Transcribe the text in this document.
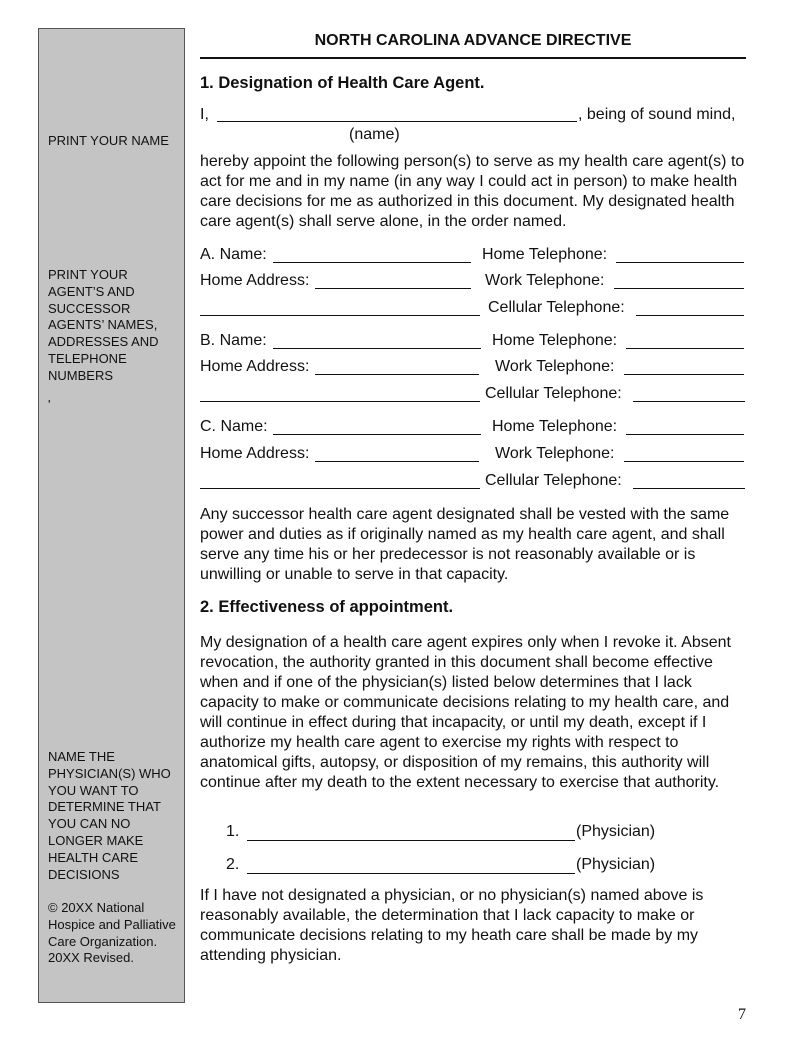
PRINT YOUR NAME
PRINT YOUR AGENT’S AND SUCCESSOR AGENTS’ NAMES, ADDRESSES AND TELEPHONE NUMBERS
'
NAME THE PHYSICIAN(S) WHO YOU WANT TO DETERMINE THAT YOU CAN NO LONGER MAKE HEALTH CARE DECISIONS
© 20XX National Hospice and Palliative Care Organization. 20XX Revised.
NORTH CAROLINA ADVANCE DIRECTIVE
1. Designation of Health Care Agent.
I,	, being of sound mind,
(name)

hereby appoint the following person(s) to serve as my health care agent(s) to act for me and in my name (in any way I could act in person) to make health care decisions for me as authorized in this document. My designated health care agent(s) shall serve alone, in the order named.

A. Name:	Home Telephone:
Home Address:	Work Telephone:
Cellular Telephone:
B. Name:	Home Telephone:
Home Address:	Work Telephone:
Cellular Telephone:
C. Name:	Home Telephone:
Home Address:	Work Telephone:
Cellular Telephone:

Any successor health care agent designated shall be vested with the same power and duties as if originally named as my health care agent, and shall serve any time his or her predecessor is not reasonably available or is unwilling or unable to serve in that capacity.

2. Effectiveness of appointment.

My designation of a health care agent expires only when I revoke it. Absent revocation, the authority granted in this document shall become effective when and if one of the physician(s) listed below determines that I lack capacity to make or communicate decisions relating to my health care, and will continue in effect during that incapacity, or until my death, except if I authorize my health care agent to exercise my rights with respect to anatomical gifts, autopsy, or disposition of my remains, this authority will continue after my death to the extent necessary to exercise that authority.

1.	(Physician)
2.	(Physician)

If I have not designated a physician, or no physician(s) named above is reasonably available, the determination that I lack capacity to make or communicate decisions relating to my heath care shall be made by my attending physician.

7
